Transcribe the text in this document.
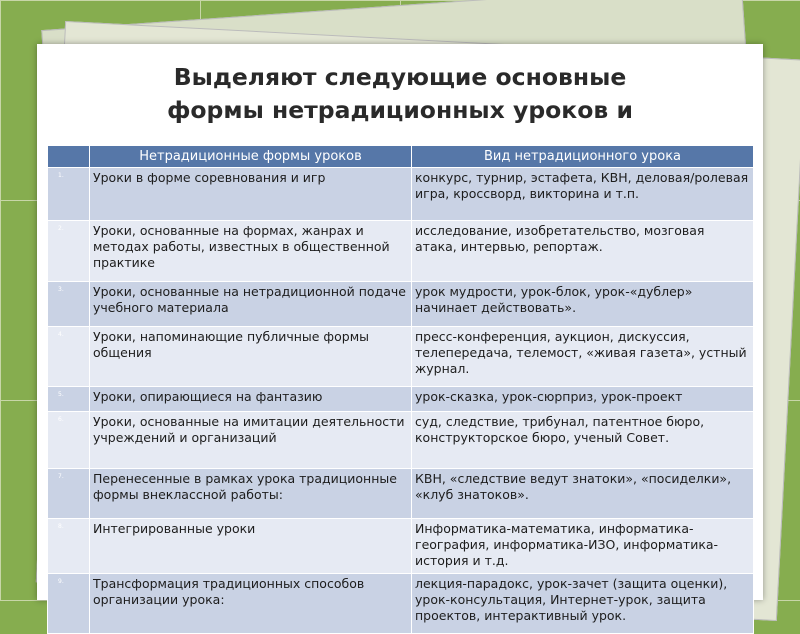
Выделяют следующие основные
формы нетрадиционных уроков и
	Нетрадиционные формы уроков	Вид нетрадиционного урока
1.	Уроки в форме соревнования и игр	конкурс, турнир, эстафета, КВН, деловая/ролевая игра, кроссворд, викторина и т.п.
2.	Уроки, основанные на формах, жанрах и методах работы, известных в общественной практике	исследование, изобретательство, мозговая атака, интервью, репортаж.
3.	Уроки, основанные на нетрадиционной подаче учебного материала	урок мудрости, урок-блок, урок-«дублер» начинает действовать».
4.	Уроки, напоминающие публичные формы общения	пресс-конференция, аукцион, дискуссия, телепередача, телемост, «живая газета», устный журнал.
5.	Уроки, опирающиеся на фантазию	урок-сказка, урок-сюрприз, урок-проект
6.	Уроки, основанные на имитации деятельности учреждений и организаций	суд, следствие, трибунал, патентное бюро, конструкторское бюро, ученый Совет.
7.	Перенесенные в рамках урока традиционные формы внеклассной работы:	КВН, «следствие ведут знатоки», «посиделки», «клуб знатоков».
8.	Интегрированные уроки	Информатика-математика, информатика-география, информатика-ИЗО, информатика-история и т.д.
9.	Трансформация традиционных способов организации урока:	лекция-парадокс, урок-зачет (защита оценки), урок-консультация, Интернет-урок, защита проектов, интерактивный урок.
